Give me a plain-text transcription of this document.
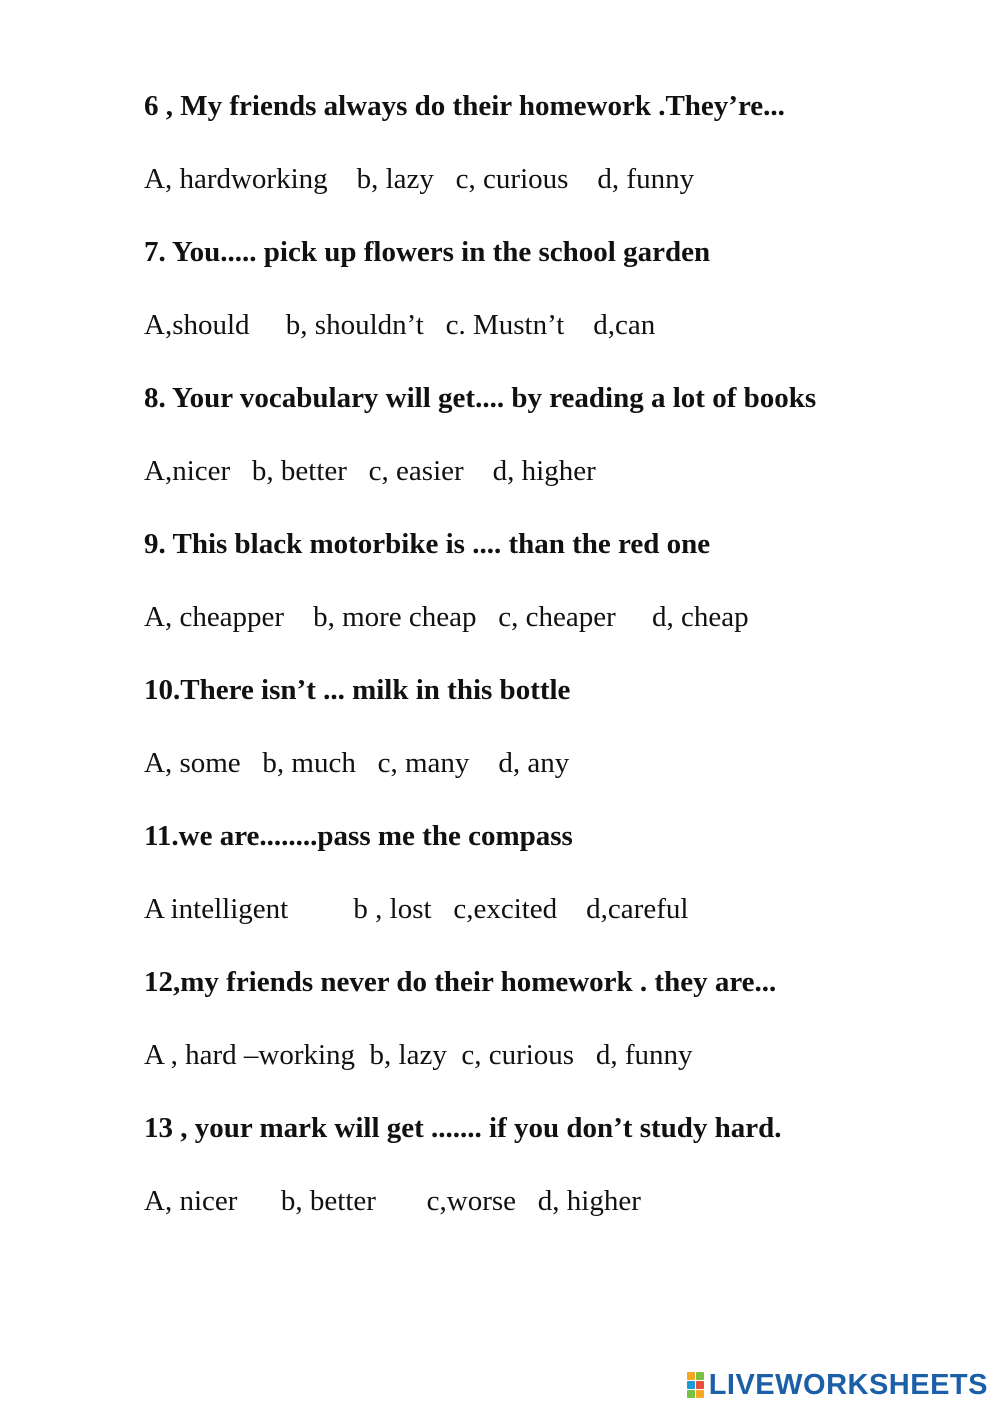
6 , My friends always do their homework .They’re...
A, hardworking    b, lazy   c, curious    d, funny
7. You..... pick up flowers in the school garden
A,should     b, shouldn’t   c. Mustn’t    d,can
8. Your vocabulary will get.... by reading a lot of books
A,nicer   b, better   c, easier    d, higher
9. This black motorbike is .... than the red one
A, cheapper    b, more cheap   c, cheaper     d, cheap
10.There isn’t ... milk in this bottle
A, some   b, much   c, many    d, any
11.we are........pass me the compass
A intelligent         b , lost   c,excited    d,careful
12,my friends never do their homework . they are...
A , hard –working  b, lazy  c, curious   d, funny
13 , your mark will get ....... if you don’t study hard.
A, nicer      b, better       c,worse   d, higher
LIVEWORKSHEETS
